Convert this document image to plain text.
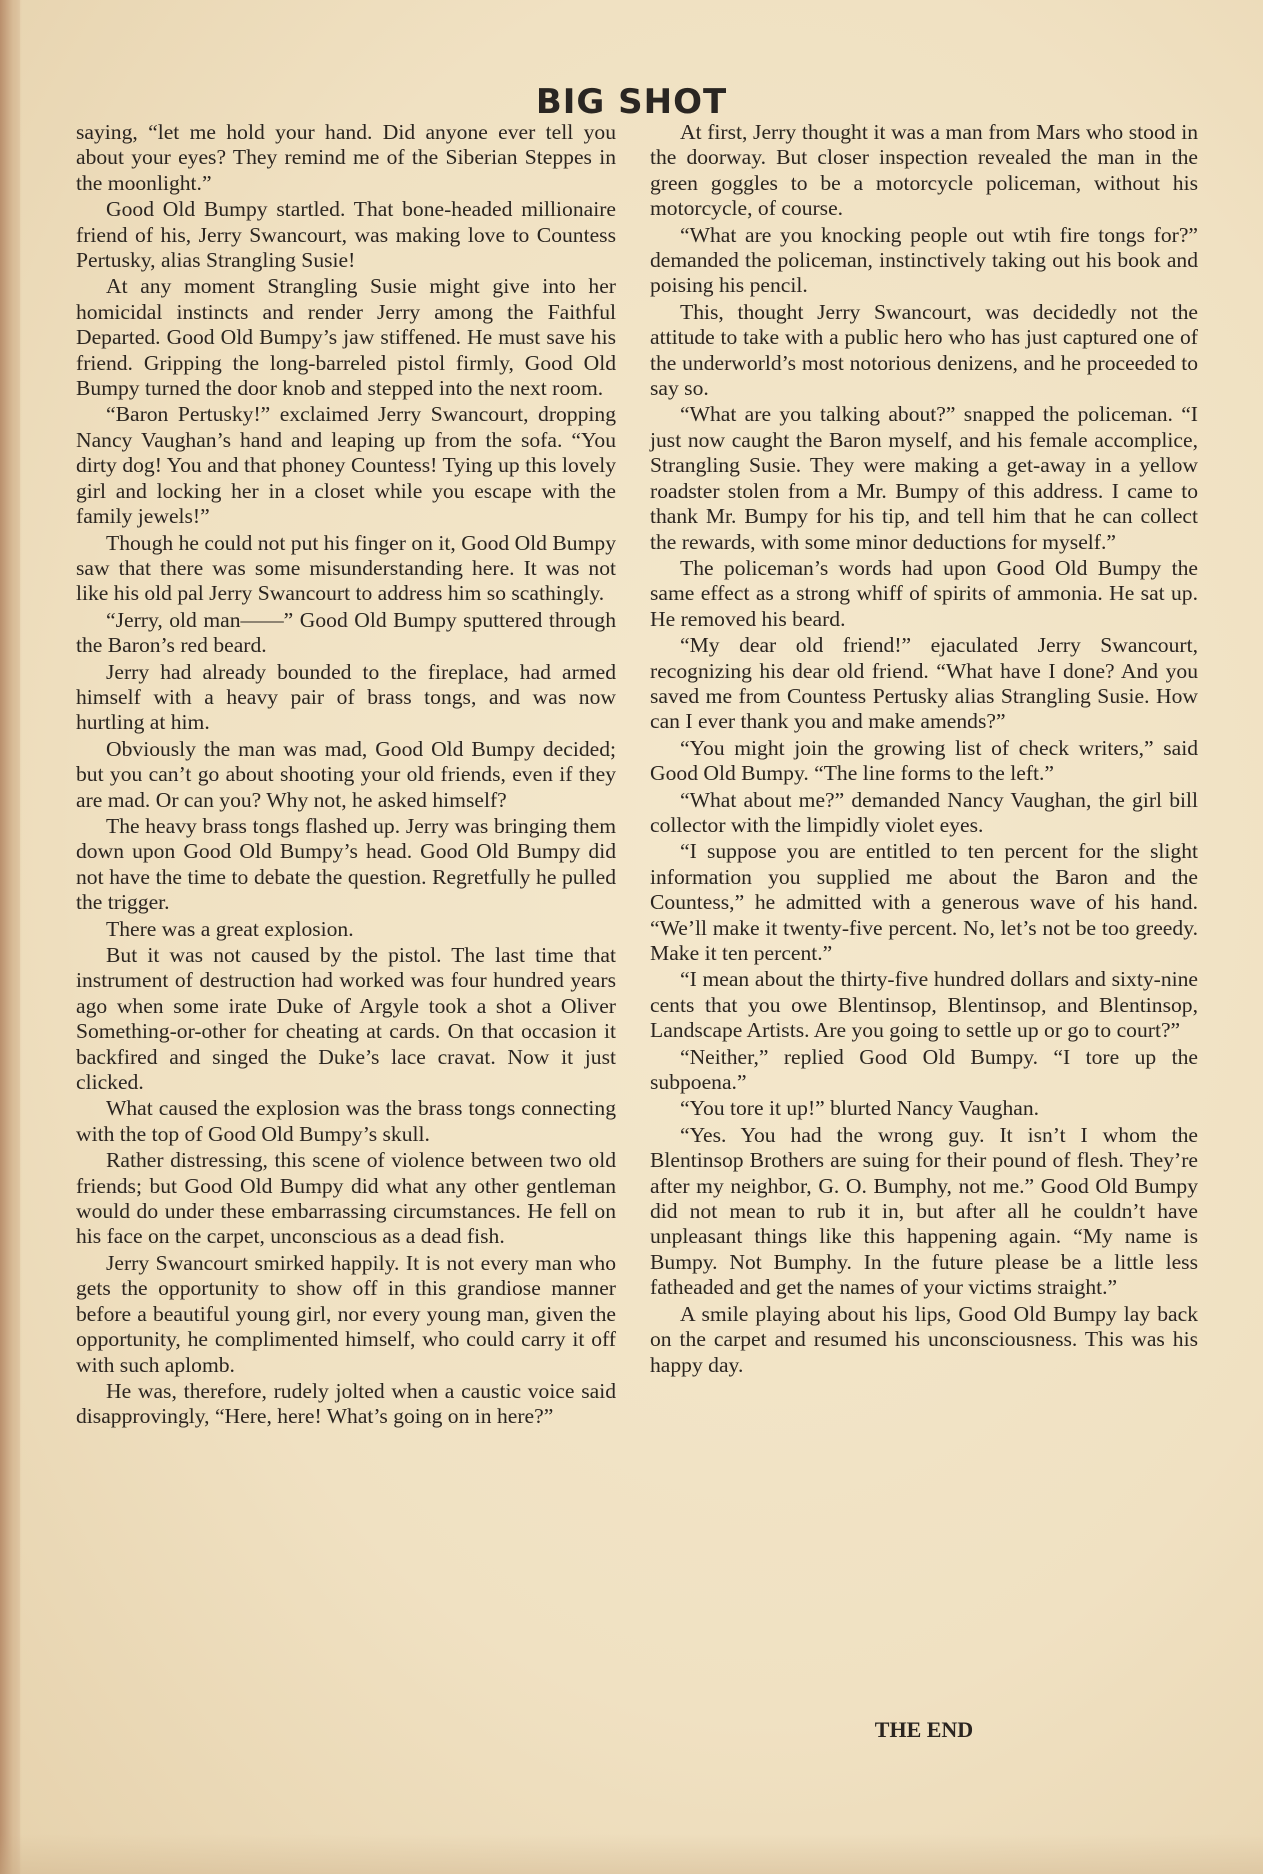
BIG SHOT

saying, “let me hold your hand. Did anyone ever tell you about your eyes? They remind me of the Siberian Steppes in the moonlight.”

Good Old Bumpy startled. That bone-headed millionaire friend of his, Jerry Swancourt, was making love to Countess Pertusky, alias Strangling Susie!

At any moment Strangling Susie might give into her homicidal instincts and render Jerry among the Faithful Departed. Good Old Bumpy’s jaw stiffened. He must save his friend. Gripping the long-barreled pistol firmly, Good Old Bumpy turned the door knob and stepped into the next room.

“Baron Pertusky!” exclaimed Jerry Swancourt, dropping Nancy Vaughan’s hand and leaping up from the sofa. “You dirty dog! You and that phoney Countess! Tying up this lovely girl and locking her in a closet while you escape with the family jewels!”

Though he could not put his finger on it, Good Old Bumpy saw that there was some misunderstanding here. It was not like his old pal Jerry Swancourt to address him so scathingly.

“Jerry, old man——” Good Old Bumpy sputtered through the Baron’s red beard.

Jerry had already bounded to the fireplace, had armed himself with a heavy pair of brass tongs, and was now hurtling at him.

Obviously the man was mad, Good Old Bumpy decided; but you can’t go about shooting your old friends, even if they are mad. Or can you? Why not, he asked himself?

The heavy brass tongs flashed up. Jerry was bringing them down upon Good Old Bumpy’s head. Good Old Bumpy did not have the time to debate the question. Regretfully he pulled the trigger.

There was a great explosion.

But it was not caused by the pistol. The last time that instrument of destruction had worked was four hundred years ago when some irate Duke of Argyle took a shot a Oliver Something-or-other for cheating at cards. On that occasion it backfired and singed the Duke’s lace cravat. Now it just clicked.

What caused the explosion was the brass tongs connecting with the top of Good Old Bumpy’s skull.

Rather distressing, this scene of violence between two old friends; but Good Old Bumpy did what any other gentleman would do under these embarrassing circumstances. He fell on his face on the carpet, unconscious as a dead fish.

Jerry Swancourt smirked happily. It is not every man who gets the opportunity to show off in this grandiose manner before a beautiful young girl, nor every young man, given the opportunity, he complimented himself, who could carry it off with such aplomb.

He was, therefore, rudely jolted when a caustic voice said disapprovingly, “Here, here! What’s going on in here?”

At first, Jerry thought it was a man from Mars who stood in the doorway. But closer inspection revealed the man in the green goggles to be a motorcycle policeman, without his motorcycle, of course.

“What are you knocking people out wtih fire tongs for?” demanded the policeman, instinctively taking out his book and poising his pencil.

This, thought Jerry Swancourt, was decidedly not the attitude to take with a public hero who has just captured one of the underworld’s most notorious denizens, and he proceeded to say so.

“What are you talking about?” snapped the policeman. “I just now caught the Baron myself, and his female accomplice, Strangling Susie. They were making a get-away in a yellow roadster stolen from a Mr. Bumpy of this address. I came to thank Mr. Bumpy for his tip, and tell him that he can collect the rewards, with some minor deductions for myself.”

The policeman’s words had upon Good Old Bumpy the same effect as a strong whiff of spirits of ammonia. He sat up. He removed his beard.

“My dear old friend!” ejaculated Jerry Swancourt, recognizing his dear old friend. “What have I done? And you saved me from Countess Pertusky alias Strangling Susie. How can I ever thank you and make amends?”

“You might join the growing list of check writers,” said Good Old Bumpy. “The line forms to the left.”

“What about me?” demanded Nancy Vaughan, the girl bill collector with the limpidly violet eyes.

“I suppose you are entitled to ten percent for the slight information you supplied me about the Baron and the Countess,” he admitted with a generous wave of his hand. “We’ll make it twenty-five percent. No, let’s not be too greedy. Make it ten percent.”

“I mean about the thirty-five hundred dollars and sixty-nine cents that you owe Blentinsop, Blentinsop, and Blentinsop, Landscape Artists. Are you going to settle up or go to court?”

“Neither,” replied Good Old Bumpy. “I tore up the subpoena.”

“You tore it up!” blurted Nancy Vaughan.

“Yes. You had the wrong guy. It isn’t I whom the Blentinsop Brothers are suing for their pound of flesh. They’re after my neighbor, G. O. Bumphy, not me.” Good Old Bumpy did not mean to rub it in, but after all he couldn’t have unpleasant things like this happening again. “My name is Bumpy. Not Bumphy. In the future please be a little less fatheaded and get the names of your victims straight.”

A smile playing about his lips, Good Old Bumpy lay back on the carpet and resumed his unconsciousness. This was his happy day.

THE END
